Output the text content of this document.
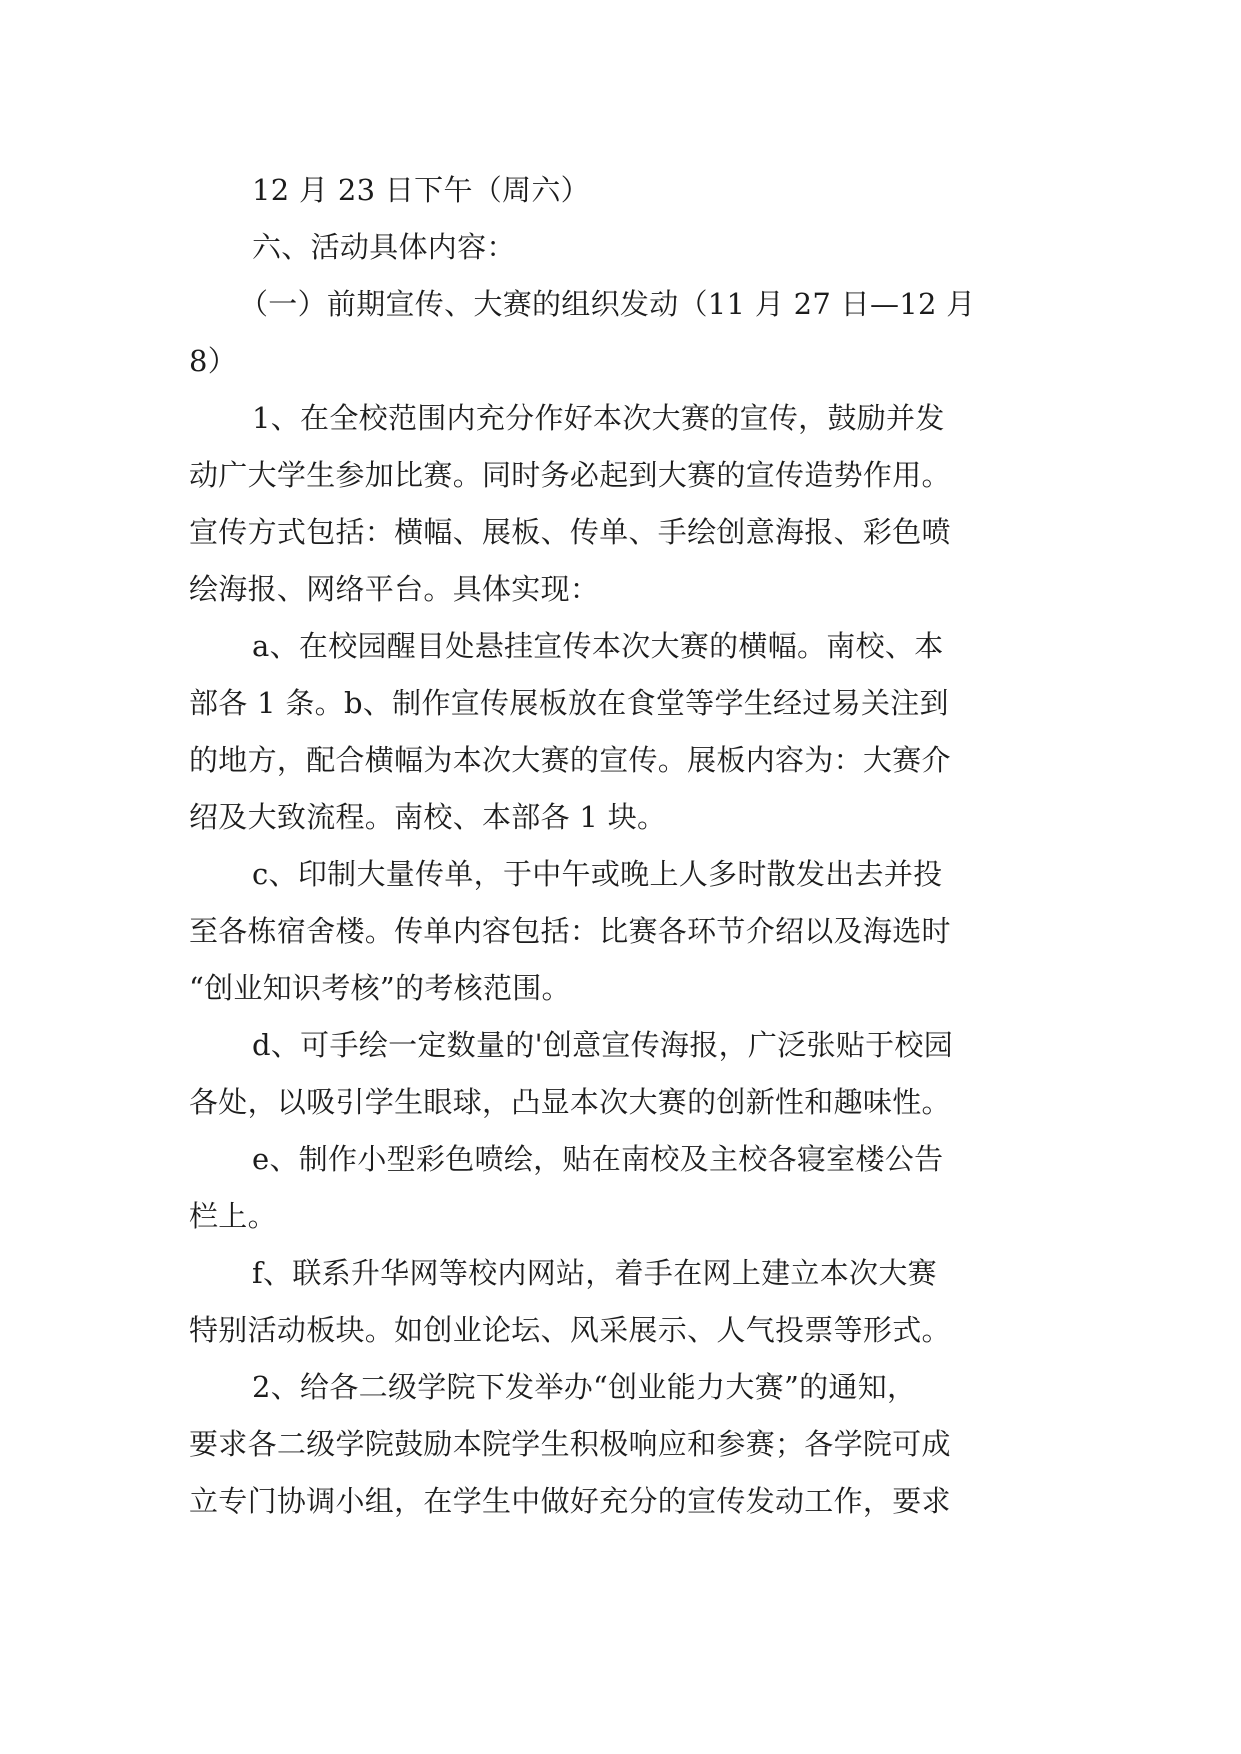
12 月 23 日下午（周六）
六、活动具体内容：
（一）前期宣传、大赛的组织发动（11 月 27 日—12 月
8）
1、在全校范围内充分作好本次大赛的宣传，鼓励并发
动广大学生参加比赛。同时务必起到大赛的宣传造势作用。
宣传方式包括：横幅、展板、传单、手绘创意海报、彩色喷
绘海报、网络平台。具体实现：
a、在校园醒目处悬挂宣传本次大赛的横幅。南校、本
部各 1 条。b、制作宣传展板放在食堂等学生经过易关注到
的地方，配合横幅为本次大赛的宣传。展板内容为：大赛介
绍及大致流程。南校、本部各 1 块。
c、印制大量传单，于中午或晚上人多时散发出去并投
至各栋宿舍楼。传单内容包括：比赛各环节介绍以及海选时
“创业知识考核”的考核范围。
d、可手绘一定数量的'创意宣传海报，广泛张贴于校园
各处，以吸引学生眼球，凸显本次大赛的创新性和趣味性。
e、制作小型彩色喷绘，贴在南校及主校各寝室楼公告
栏上。
f、联系升华网等校内网站，着手在网上建立本次大赛
特别活动板块。如创业论坛、风采展示、人气投票等形式。
2、给各二级学院下发举办“创业能力大赛”的通知，
要求各二级学院鼓励本院学生积极响应和参赛；各学院可成
立专门协调小组，在学生中做好充分的宣传发动工作，要求
